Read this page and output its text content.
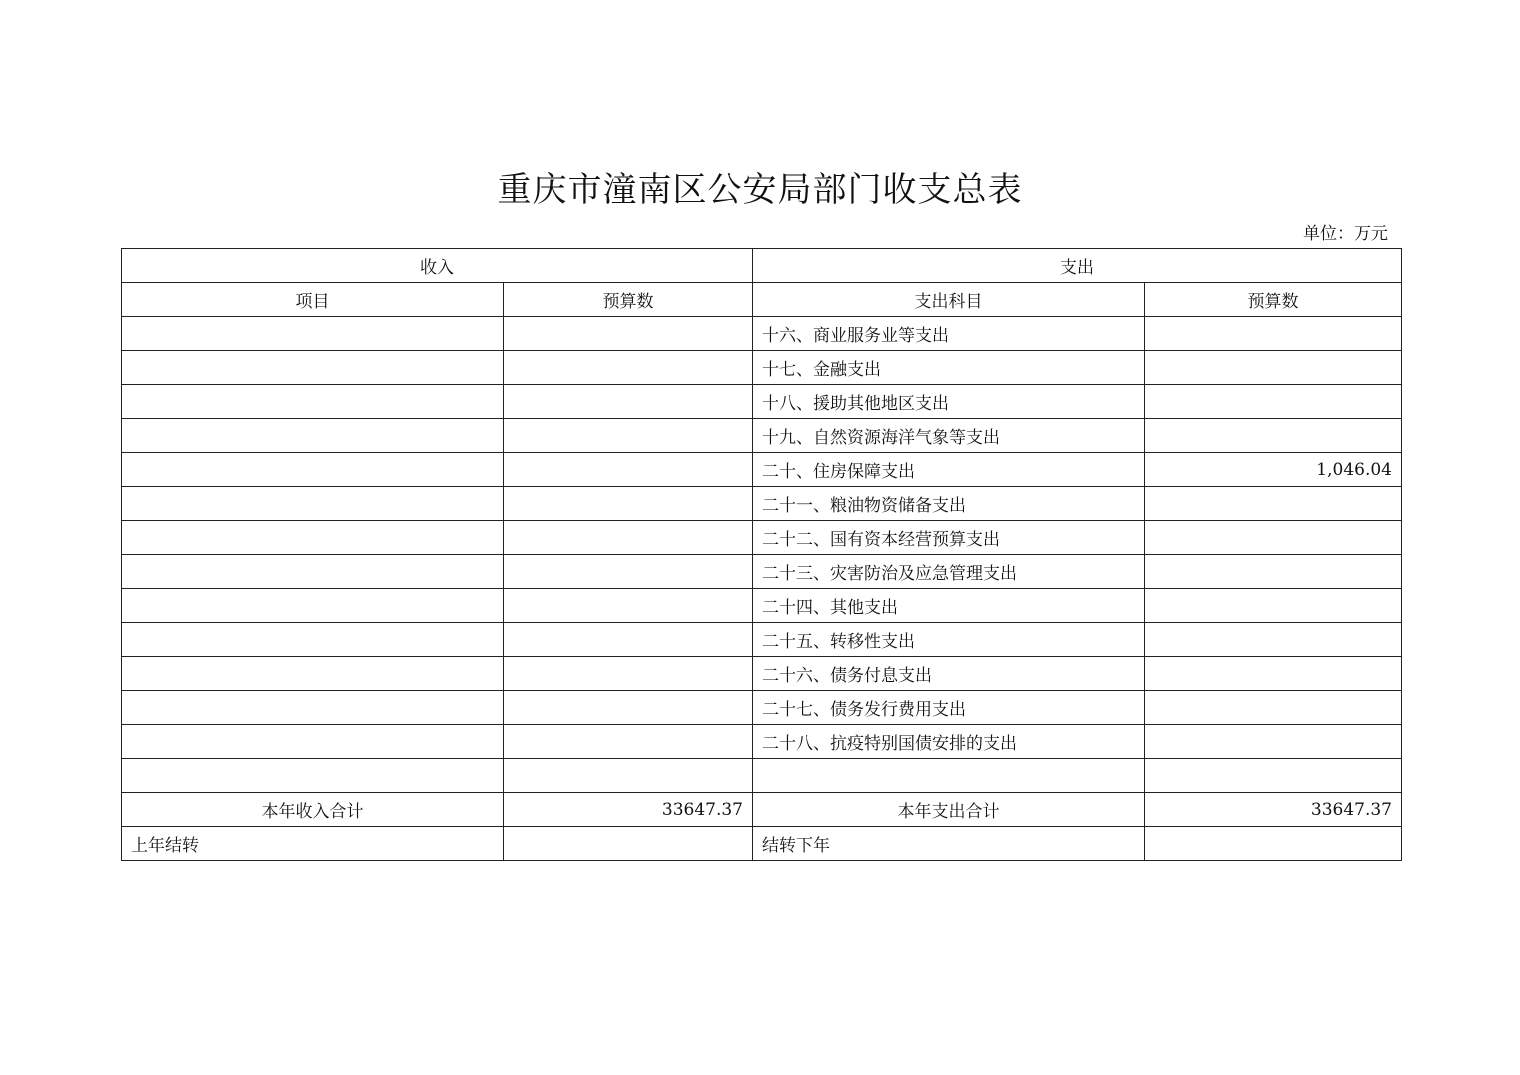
重庆市潼南区公安局部门收支总表
单位：万元
收入		支出	
项目	预算数	支出科目	预算数
		十六、商业服务业等支出	
		十七、金融支出	
		十八、援助其他地区支出	
		十九、自然资源海洋气象等支出	
		二十、住房保障支出	1,046.04
		二十一、粮油物资储备支出	
		二十二、国有资本经营预算支出	
		二十三、灾害防治及应急管理支出	
		二十四、其他支出	
		二十五、转移性支出	
		二十六、债务付息支出	
		二十七、债务发行费用支出	
		二十八、抗疫特别国债安排的支出	

本年收入合计	33647.37	本年支出合计	33647.37
上年结转		结转下年	
